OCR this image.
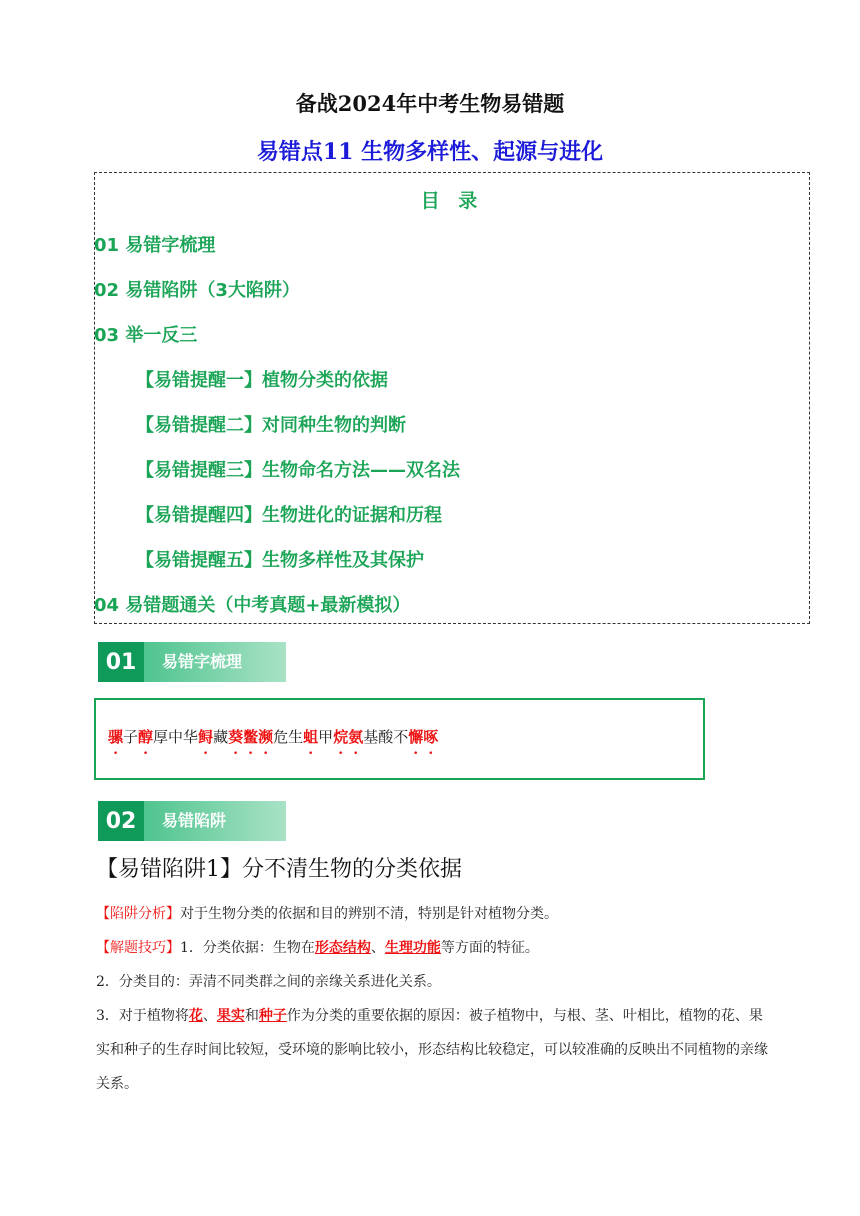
备战2024年中考生物易错题
易错点11 生物多样性、起源与进化
目 录
01 易错字梳理
02 易错陷阱（3大陷阱）
03 举一反三
【易错提醒一】植物分类的依据
【易错提醒二】对同种生物的判断
【易错提醒三】生物命名方法——双名法
【易错提醒四】生物进化的证据和历程
【易错提醒五】生物多样性及其保护
04 易错题通关（中考真题+最新模拟）
01	易错字梳理
骡子醇厚中华鲟藏葵鳖濒危生蛆甲烷氨基酸不懈啄
02	易错陷阱
【易错陷阱1】分不清生物的分类依据
【陷阱分析】对于生物分类的依据和目的辨别不清，特别是针对植物分类。
【解题技巧】1．分类依据：生物在形态结构、生理功能等方面的特征。
2．分类目的：弄清不同类群之间的亲缘关系进化关系。
3．对于植物将花、果实和种子作为分类的重要依据的原因：被子植物中，与根、茎、叶相比，植物的花、果实和种子的生存时间比较短，受环境的影响比较小，形态结构比较稳定，可以较准确的反映出不同植物的亲缘关系。
